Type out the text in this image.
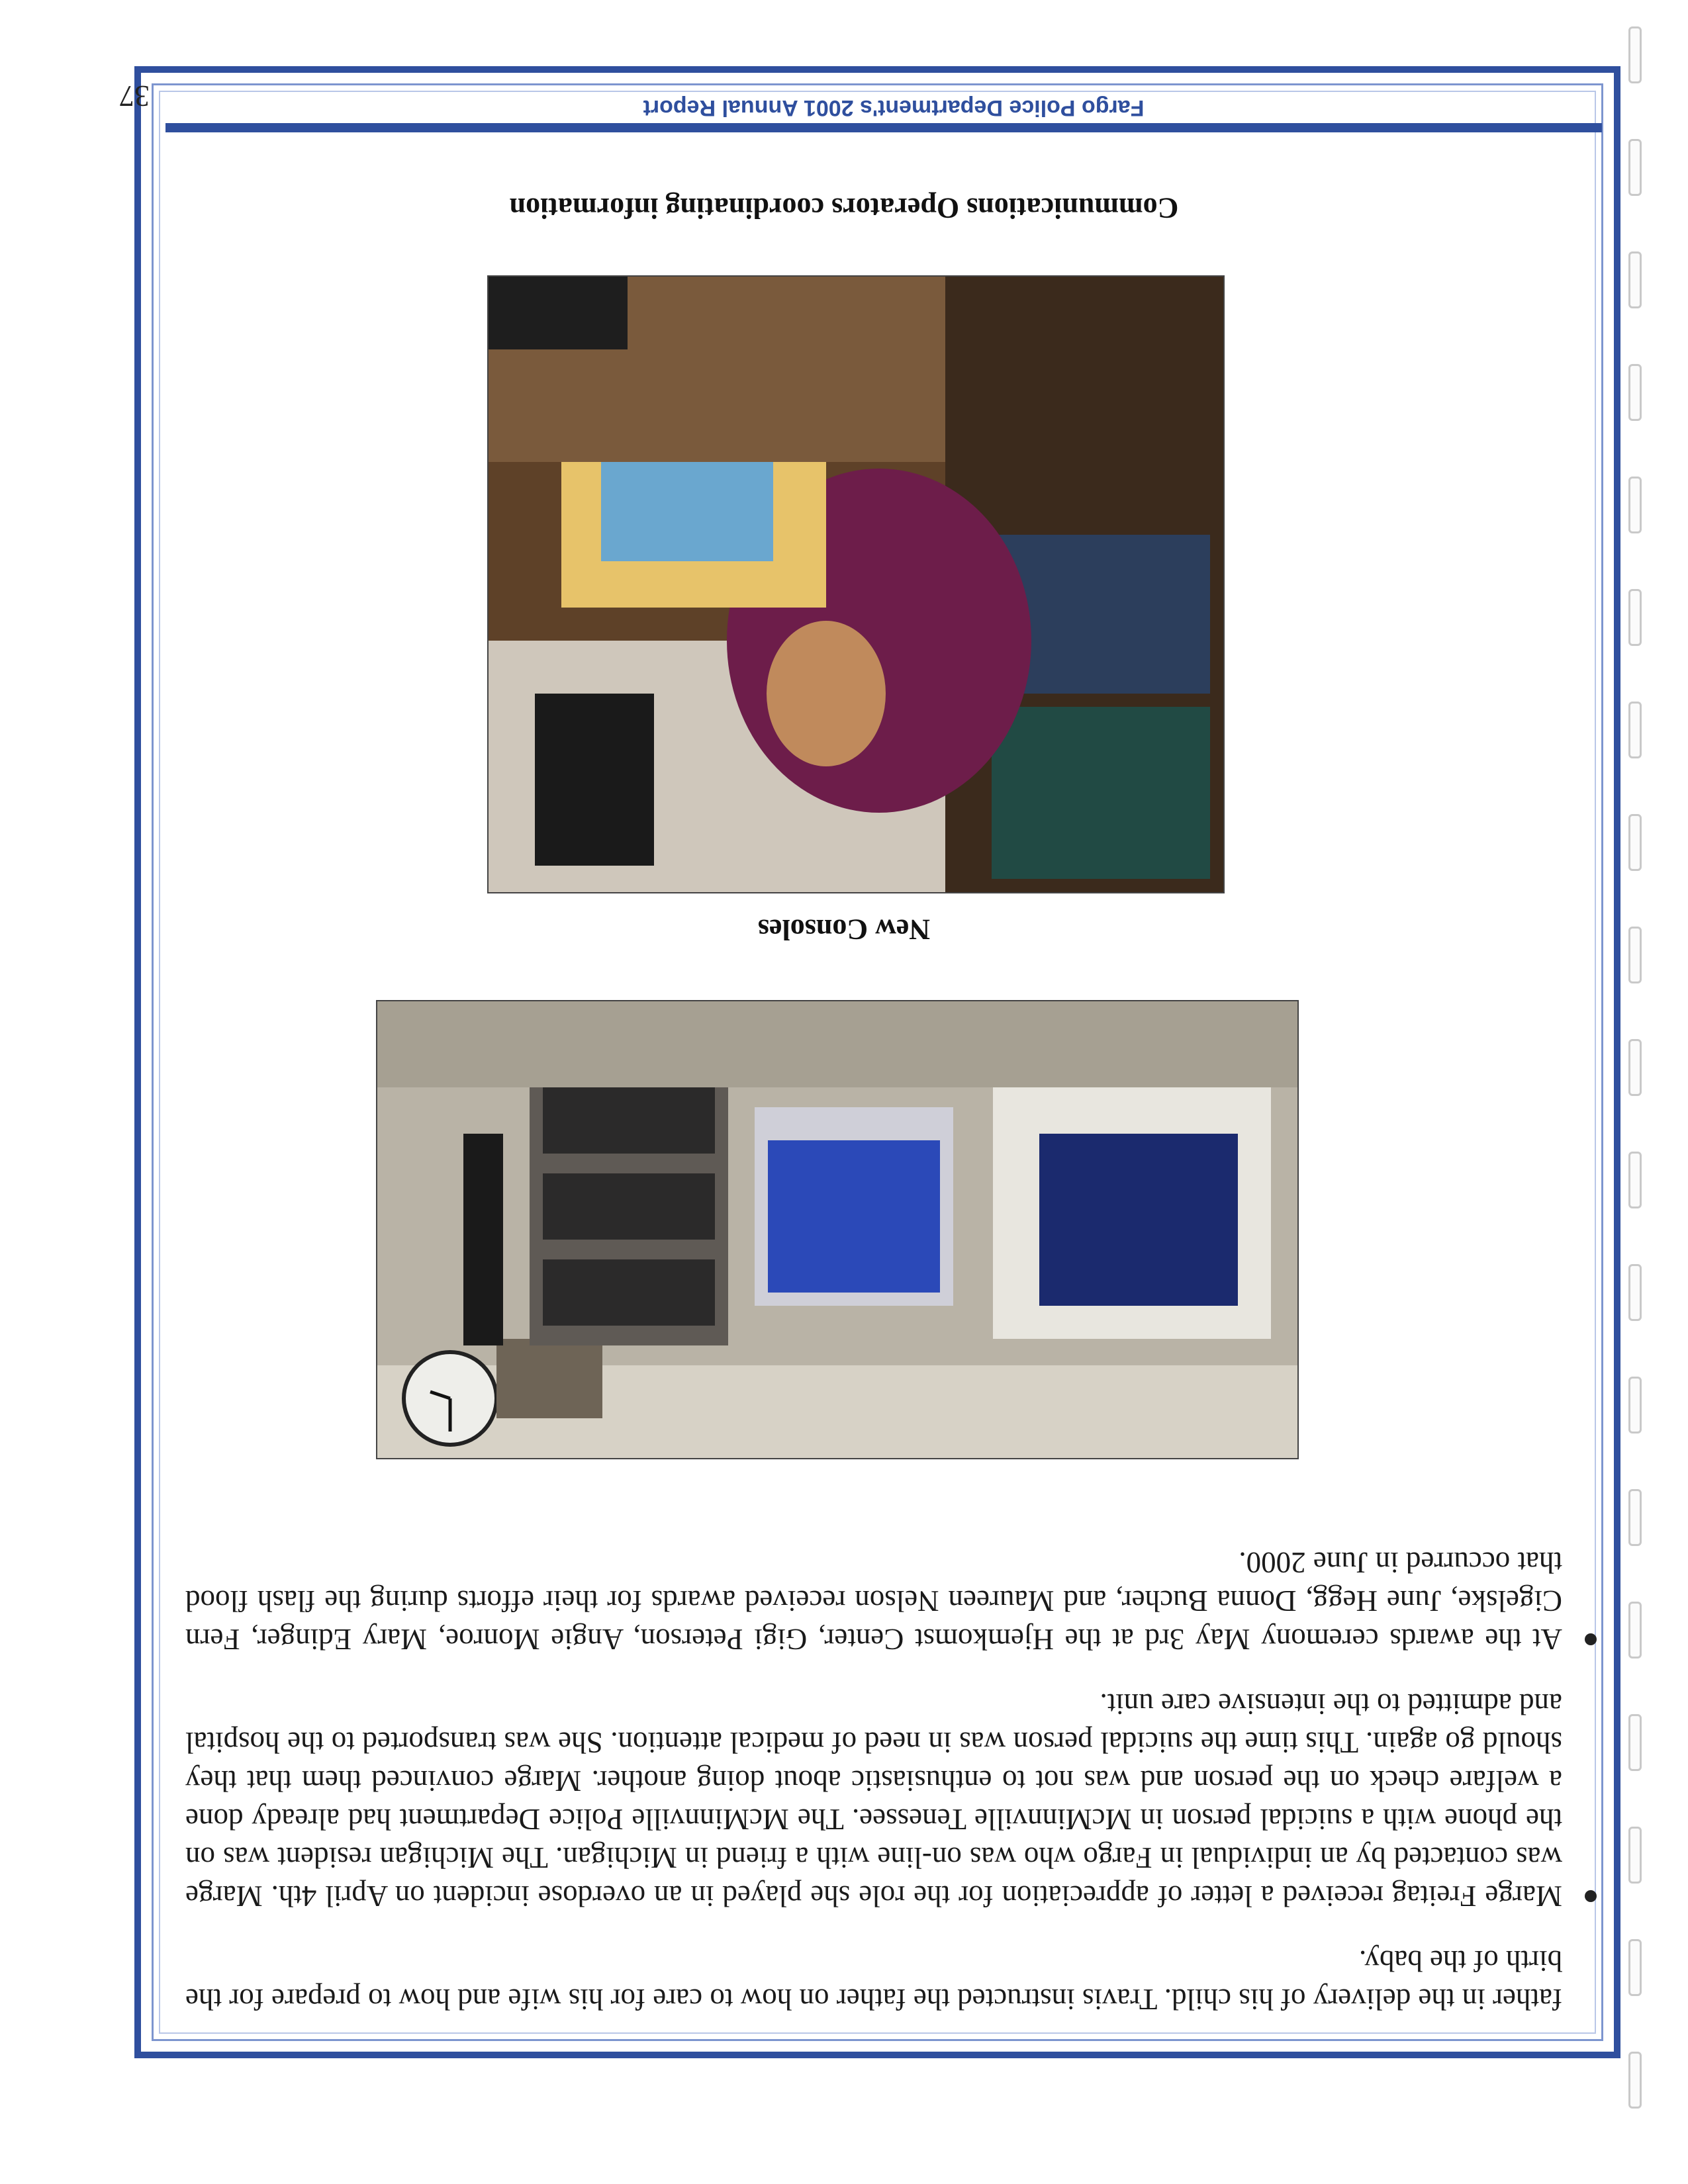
father in the delivery of his child. Travis instructed the father on how to care for his wife and how to prepare for the birth of the baby.

Marge Freitag received a letter of appreciation for the role she played in an overdose incident on April 4th. Marge was contacted by an individual in Fargo who was on-line with a friend in Michigan. The Michigan resident was on the phone with a suicidal person in McMinnville Tenessee. The McMinnville Police Department had already done a welfare check on the person and was not to enthusiastic about doing another. Marge convinced them that they should go again. This time the suicidal person was in need of medical attention. She was transported to the hospital and admitted to the intensive care unit.
At the awards ceremony May 3rd at the Hjemkomst Center, Gigi Peterson, Angie Monroe, Mary Edinger, Fern Cigelske, June Hegg, Donna Bucher, and Maureen Nelson received awards for their efforts during the flash flood that occurred in June 2000.
New Consoles
Communications Operators coordinating information
Fargo Police Department's 2001 Annual Report
37
